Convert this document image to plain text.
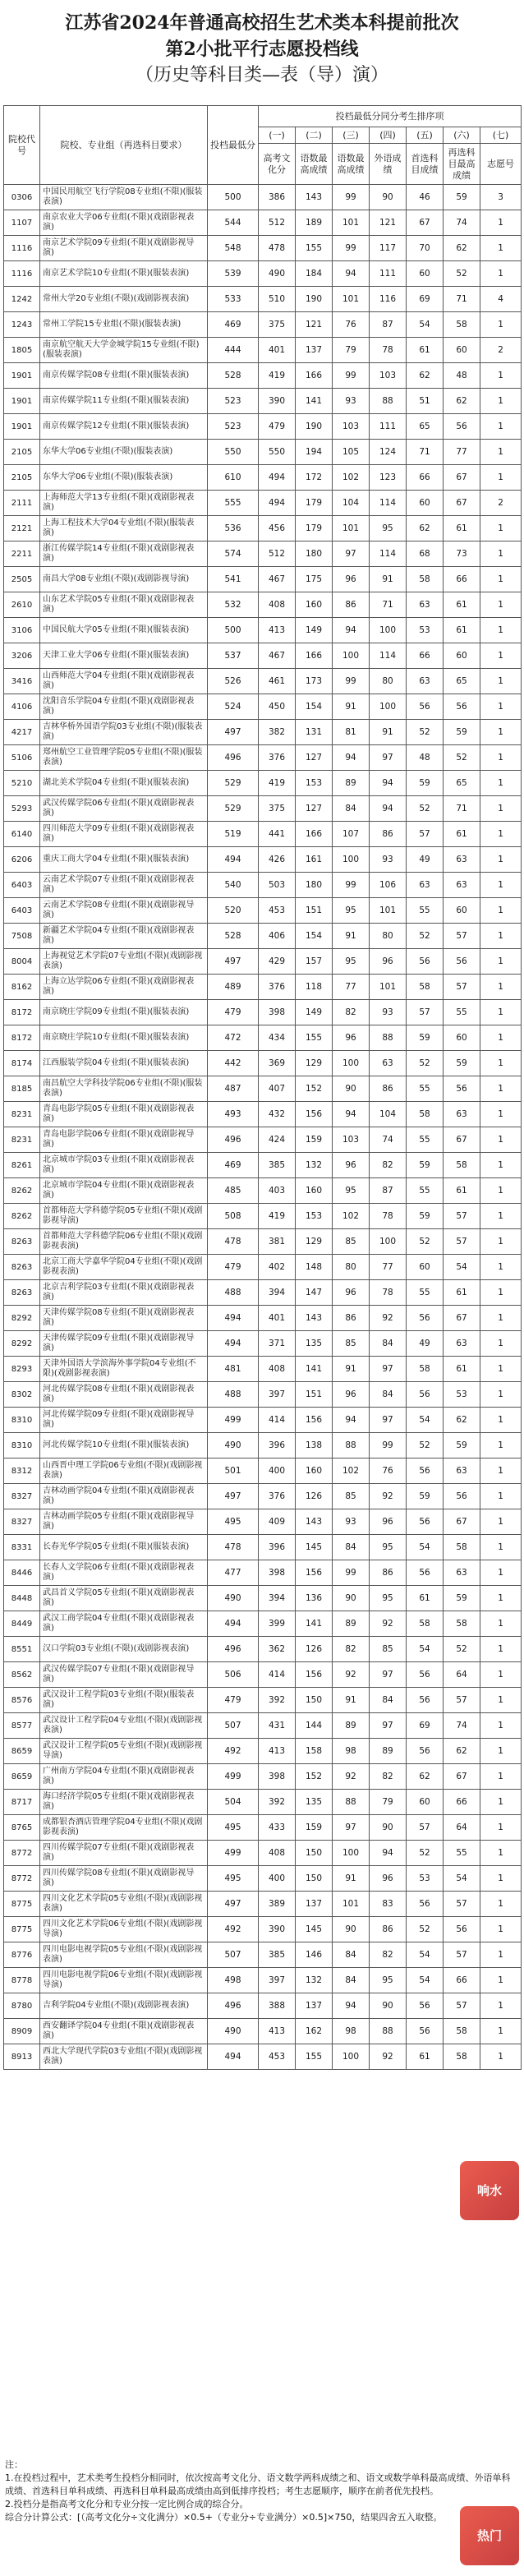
江苏省2024年普通高校招生艺术类本科提前批次
第2小批平行志愿投档线
（历史等科目类—表（导）演）
院校代号	院校、专业组（再选科目要求）	投档最低分	投档最低分同分考生排序项						
			(一)	(二)	(三)	(四)	(五)	(六)	(七)
			高考文化分	语数最高成绩	语数最高成绩	外语成绩	首选科目成绩	再选科目最高成绩	志愿号
0306	中国民用航空飞行学院08专业组(不限)(服装表演)	500	386	143	99	90	46	59	3
1107	南京农业大学06专业组(不限)(戏剧影视表演)	544	512	189	101	121	67	74	1
1116	南京艺术学院09专业组(不限)(戏剧影视导演)	548	478	155	99	117	70	62	1
1116	南京艺术学院10专业组(不限)(服装表演)	539	490	184	94	111	60	52	1
1242	常州大学20专业组(不限)(戏剧影视表演)	533	510	190	101	116	69	71	4
1243	常州工学院15专业组(不限)(服装表演)	469	375	121	76	87	54	58	1
1805	南京航空航天大学金城学院15专业组(不限)(服装表演)	444	401	137	79	78	61	60	2
1901	南京传媒学院08专业组(不限)(服装表演)	528	419	166	99	103	62	48	1
1901	南京传媒学院11专业组(不限)(服装表演)	523	390	141	93	88	51	62	1
1901	南京传媒学院12专业组(不限)(服装表演)	523	479	190	103	111	65	56	1
2105	东华大学06专业组(不限)(服装表演)	550	550	194	105	124	71	77	1
2105	东华大学06专业组(不限)(服装表演)	610	494	172	102	123	66	67	1
2111	上海师范大学13专业组(不限)(戏剧影视表演)	555	494	179	104	114	60	67	2
2121	上海工程技术大学04专业组(不限)(服装表演)	536	456	179	101	95	62	61	1
2211	浙江传媒学院14专业组(不限)(戏剧影视表演)	574	512	180	97	114	68	73	1
2505	南昌大学08专业组(不限)(戏剧影视导演)	541	467	175	96	91	58	66	1
2610	山东艺术学院05专业组(不限)(戏剧影视表演)	532	408	160	86	71	63	61	1
3106	中国民航大学05专业组(不限)(服装表演)	500	413	149	94	100	53	61	1
3206	天津工业大学06专业组(不限)(服装表演)	537	467	166	100	114	66	60	1
3416	山西师范大学04专业组(不限)(戏剧影视表演)	526	461	173	99	80	63	65	1
4106	沈阳音乐学院04专业组(不限)(戏剧影视表演)	524	450	154	91	100	56	56	1
4217	吉林华桥外国语学院03专业组(不限)(服装表演)	497	382	131	81	91	52	59	1
5106	郑州航空工业管理学院05专业组(不限)(服装表演)	496	376	127	94	97	48	52	1
5210	湖北美术学院04专业组(不限)(服装表演)	529	419	153	89	94	59	65	1
5293	武汉传媒学院06专业组(不限)(戏剧影视表演)	529	375	127	84	94	52	71	1
6140	四川师范大学09专业组(不限)(戏剧影视表演)	519	441	166	107	86	57	61	1
6206	重庆工商大学04专业组(不限)(服装表演)	494	426	161	100	93	49	63	1
6403	云南艺术学院07专业组(不限)(戏剧影视表演)	540	503	180	99	106	63	63	1
6403	云南艺术学院08专业组(不限)(戏剧影视导演)	520	453	151	95	101	55	60	1
7508	新疆艺术学院04专业组(不限)(戏剧影视表演)	528	406	154	91	80	52	57	1
8004	上海视觉艺术学院07专业组(不限)(戏剧影视表演)	497	429	157	95	96	56	56	1
8162	上海立达学院06专业组(不限)(戏剧影视表演)	489	376	118	77	101	58	57	1
8172	南京晓庄学院09专业组(不限)(服装表演)	479	398	149	82	93	57	55	1
8172	南京晓庄学院10专业组(不限)(服装表演)	472	434	155	96	88	59	60	1
8174	江西服装学院04专业组(不限)(服装表演)	442	369	129	100	63	52	59	1
8185	南昌航空大学科技学院06专业组(不限)(服装表演)	487	407	152	90	86	55	56	1
8231	青岛电影学院05专业组(不限)(戏剧影视表演)	493	432	156	94	104	58	63	1
8231	青岛电影学院06专业组(不限)(戏剧影视导演)	496	424	159	103	74	55	67	1
8261	北京城市学院03专业组(不限)(戏剧影视表演)	469	385	132	96	82	59	58	1
8262	北京城市学院04专业组(不限)(戏剧影视表演)	485	403	160	95	87	55	61	1
8262	首都师范大学科德学院05专业组(不限)(戏剧影视导演)	508	419	153	102	78	59	57	1
8263	首都师范大学科德学院06专业组(不限)(戏剧影视表演)	478	381	129	85	100	52	57	1
8263	北京工商大学嘉华学院04专业组(不限)(戏剧影视表演)	479	402	148	80	77	60	54	1
8263	北京吉利学院03专业组(不限)(戏剧影视表演)	488	394	147	96	78	55	61	1
8292	天津传媒学院08专业组(不限)(戏剧影视表演)	494	401	143	86	92	56	67	1
8292	天津传媒学院09专业组(不限)(戏剧影视导演)	494	371	135	85	84	49	63	1
8293	天津外国语大学滨海外事学院04专业组(不限)(戏剧影视表演)	481	408	141	91	97	58	61	1
8302	河北传媒学院08专业组(不限)(戏剧影视表演)	488	397	151	96	84	56	53	1
8310	河北传媒学院09专业组(不限)(戏剧影视导演)	499	414	156	94	97	54	62	1
8310	河北传媒学院10专业组(不限)(服装表演)	490	396	138	88	99	52	59	1
8312	山西晋中理工学院06专业组(不限)(戏剧影视表演)	501	400	160	102	76	56	63	1
8327	吉林动画学院04专业组(不限)(戏剧影视表演)	497	376	126	85	92	59	56	1
8327	吉林动画学院05专业组(不限)(戏剧影视导演)	495	409	143	93	96	56	67	1
8331	长春光华学院05专业组(不限)(服装表演)	478	396	145	84	95	54	58	1
8446	长春人文学院06专业组(不限)(戏剧影视表演)	477	398	156	99	86	56	63	1
8448	武昌首义学院05专业组(不限)(戏剧影视表演)	490	394	136	90	95	61	59	1
8449	武汉工商学院04专业组(不限)(戏剧影视表演)	494	399	141	89	92	58	58	1
8551	汉口学院03专业组(不限)(戏剧影视表演)	496	362	126	82	85	54	52	1
8562	武汉传媒学院07专业组(不限)(戏剧影视导演)	506	414	156	92	97	56	64	1
8576	武汉设计工程学院03专业组(不限)(服装表演)	479	392	150	91	84	56	57	1
8577	武汉设计工程学院04专业组(不限)(戏剧影视表演)	507	431	144	89	97	69	74	1
8659	武汉设计工程学院05专业组(不限)(戏剧影视导演)	492	413	158	98	89	56	62	1
8659	广州南方学院04专业组(不限)(戏剧影视表演)	499	398	152	92	82	62	67	1
8717	海口经济学院05专业组(不限)(戏剧影视表演)	504	392	135	88	79	60	66	1
8765	成都银杏酒店管理学院04专业组(不限)(戏剧影视表演)	495	433	159	97	90	57	64	1
8772	四川传媒学院07专业组(不限)(戏剧影视表演)	499	408	150	100	94	52	55	1
8772	四川传媒学院08专业组(不限)(戏剧影视导演)	495	400	150	91	96	53	54	1
8775	四川文化艺术学院05专业组(不限)(戏剧影视表演)	497	389	137	101	83	56	57	1
8775	四川文化艺术学院06专业组(不限)(戏剧影视导演)	492	390	145	90	86	52	56	1
8776	四川电影电视学院05专业组(不限)(戏剧影视表演)	507	385	146	84	82	54	57	1
8778	四川电影电视学院06专业组(不限)(戏剧影视导演)	498	397	132	84	95	54	66	1
8780	吉利学院04专业组(不限)(戏剧影视表演)	496	388	137	94	90	56	57	1
8909	西安翻译学院04专业组(不限)(戏剧影视表演)	490	413	162	98	88	56	58	1
8913	西北大学现代学院03专业组(不限)(戏剧影视表演)	494	453	155	100	92	61	58	1

注：

1.在投档过程中，艺术类考生投档分相同时，依次按高考文化分、语文数学两科成绩之和、语文或数学单科最高成绩、外语单科成绩、首选科目单科成绩、再选科目单科最高成绩由高到低排序投档；考生志愿顺序，顺序在前者优先投档。

2.投档分是指高考文化分和专业分按一定比例合成的综合分。

综合分计算公式：[（高考文化分÷文化满分）×0.5+（专业分÷专业满分）×0.5]×750，结果四舍五入取整。

响水
热门
